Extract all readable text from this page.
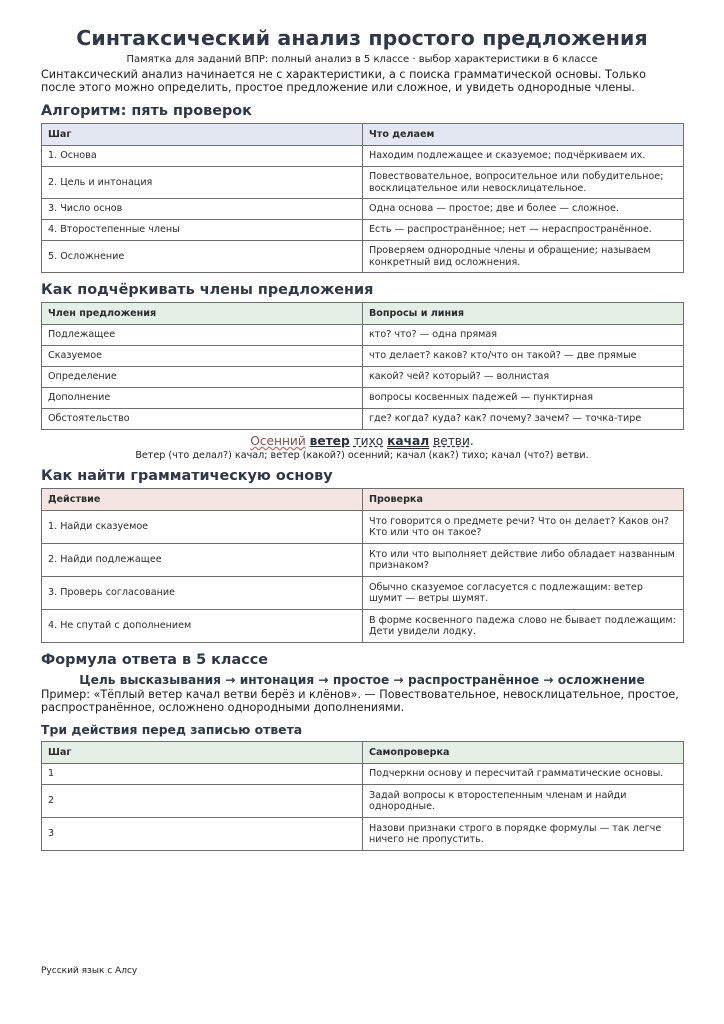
Синтаксический анализ простого предложения
Памятка для заданий ВПР: полный анализ в 5 классе · выбор характеристики в 6 классе
Синтаксический анализ начинается не с характеристики, а с поиска грамматической основы. Только после этого можно определить, простое предложение или сложное, и увидеть однородные члены.
Алгоритм: пять проверок
Шаг	Что делаем
1. Основа	Находим подлежащее и сказуемое; подчёркиваем их.
2. Цель и интонация	Повествовательное, вопросительное или побудительное; восклицательное или невосклицательное.
3. Число основ	Одна основа — простое; две и более — сложное.
4. Второстепенные члены	Есть — распространённое; нет — нераспространённое.
5. Осложнение	Проверяем однородные члены и обращение; называем конкретный вид осложнения.
Как подчёркивать члены предложения
Член предложения	Вопросы и линия
Подлежащее	кто? что? — одна прямая
Сказуемое	что делает? каков? кто/что он такой? — две прямые
Определение	какой? чей? который? — волнистая
Дополнение	вопросы косвенных падежей — пунктирная
Обстоятельство	где? когда? куда? как? почему? зачем? — точка-тире
Осенний ветер тихо качал ветви.
Ветер (что делал?) качал; ветер (какой?) осенний; качал (как?) тихо; качал (что?) ветви.
Как найти грамматическую основу
Действие	Проверка
1. Найди сказуемое	Что говорится о предмете речи? Что он делает? Каков он? Кто или что он такое?
2. Найди подлежащее	Кто или что выполняет действие либо обладает названным признаком?
3. Проверь согласование	Обычно сказуемое согласуется с подлежащим: ветер шумит — ветры шумят.
4. Не спутай с дополнением	В форме косвенного падежа слово не бывает подлежащим: Дети увидели лодку.
Формула ответа в 5 классе
Цель высказывания → интонация → простое → распространённое → осложнение
Пример: «Тёплый ветер качал ветви берёз и клёнов». — Повествовательное, невосклицательное, простое, распространённое, осложнено однородными дополнениями.
Три действия перед записью ответа
Шаг	Самопроверка
1	Подчеркни основу и пересчитай грамматические основы.
2	Задай вопросы к второстепенным членам и найди однородные.
3	Назови признаки строго в порядке формулы — так легче ничего не пропустить.
Русский язык с Алсу
